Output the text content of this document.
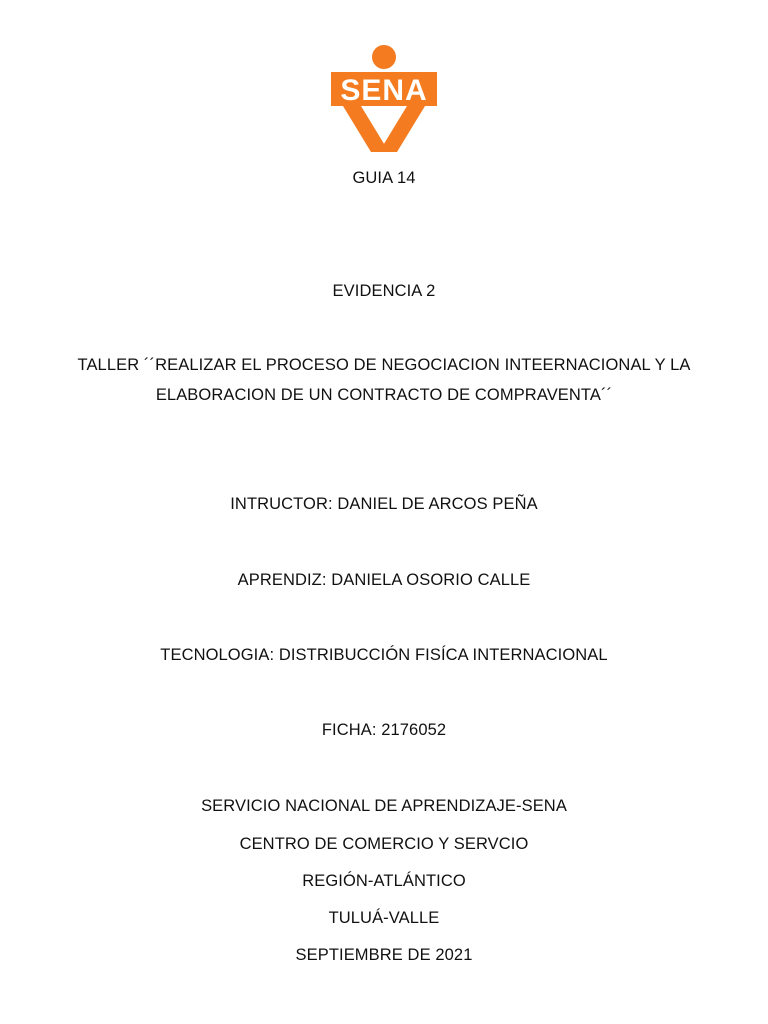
SENA
GUIA 14
EVIDENCIA 2
TALLER ´´REALIZAR EL PROCESO DE NEGOCIACION INTEERNACIONAL Y LA
ELABORACION DE UN CONTRACTO DE COMPRAVENTA´´
INTRUCTOR: DANIEL DE ARCOS PEÑA
APRENDIZ: DANIELA OSORIO CALLE
TECNOLOGIA: DISTRIBUCCIÓN FISÍCA INTERNACIONAL
FICHA: 2176052
SERVICIO NACIONAL DE APRENDIZAJE-SENA
CENTRO DE COMERCIO Y SERVCIO
REGIÓN-ATLÁNTICO
TULUÁ-VALLE
SEPTIEMBRE DE 2021
